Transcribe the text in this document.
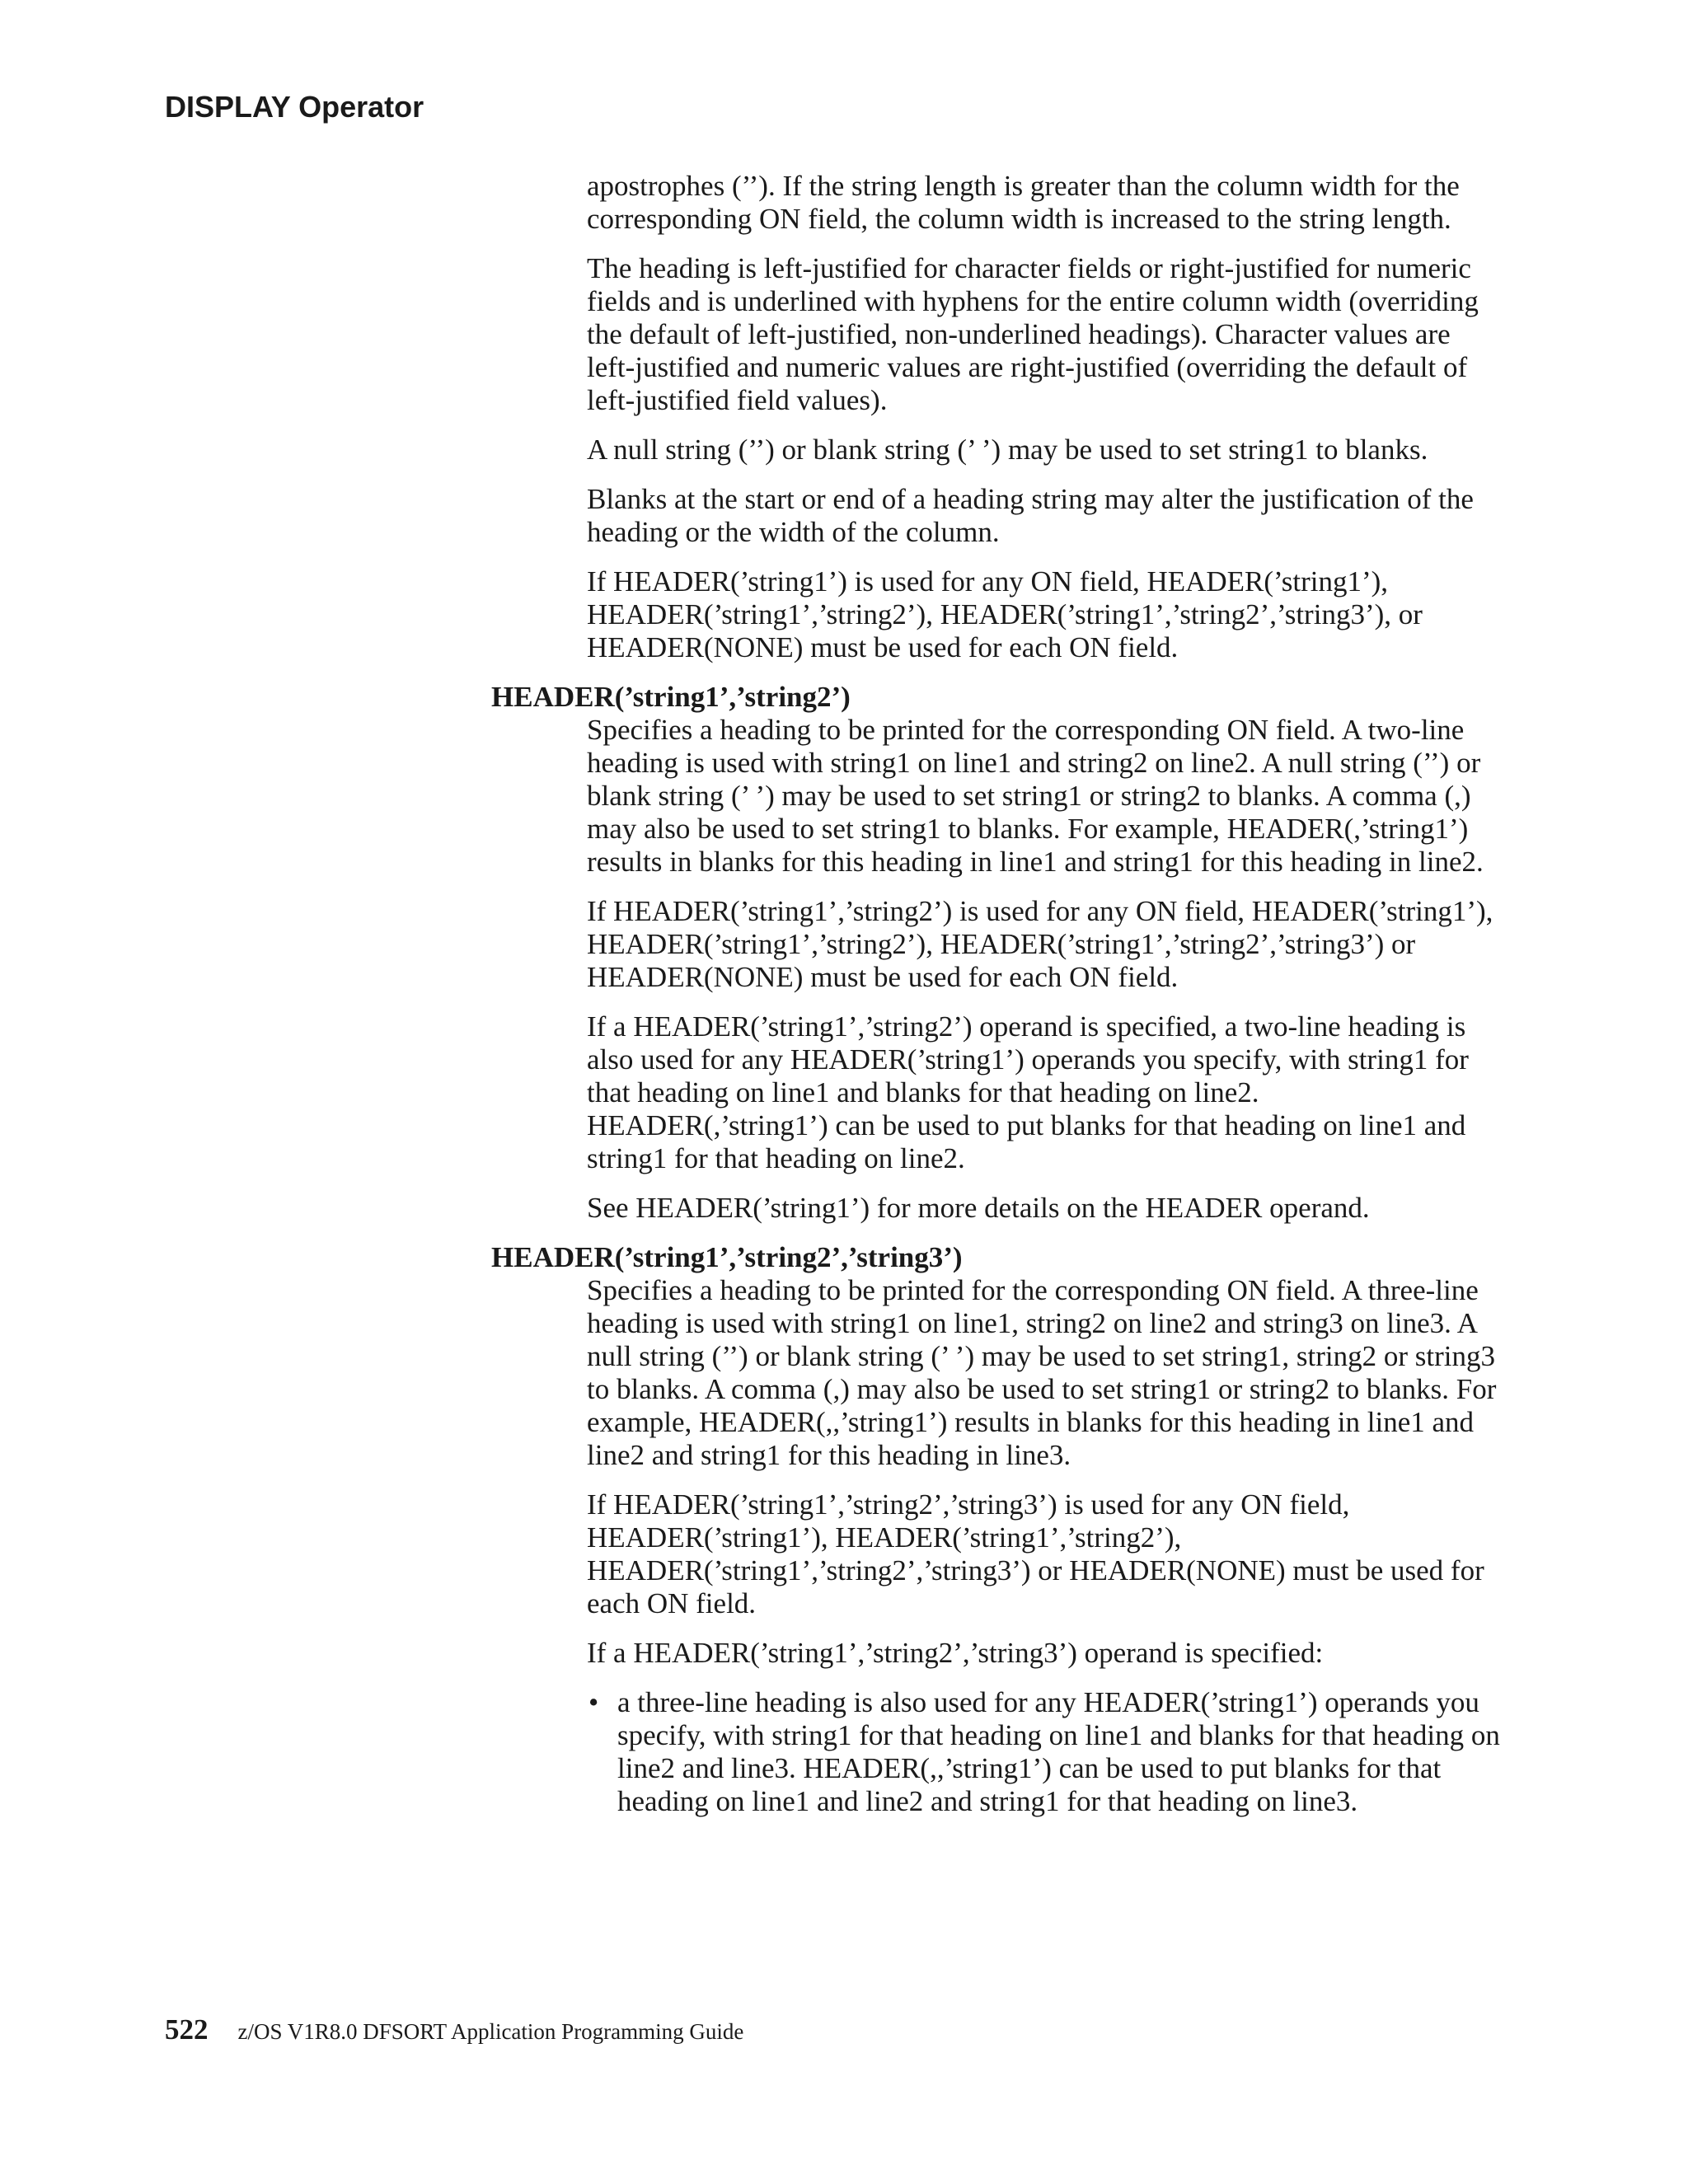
DISPLAY Operator

apostrophes (’’). If the string length is greater than the column width for the corresponding ON field, the column width is increased to the string length.

The heading is left-justified for character fields or right-justified for numeric fields and is underlined with hyphens for the entire column width (overriding the default of left-justified, non-underlined headings). Character values are left-justified and numeric values are right-justified (overriding the default of left-justified field values).

A null string (’’) or blank string (’ ’) may be used to set string1 to blanks.

Blanks at the start or end of a heading string may alter the justification of the heading or the width of the column.

If HEADER(’string1’) is used for any ON field, HEADER(’string1’), HEADER(’string1’,’string2’), HEADER(’string1’,’string2’,’string3’), or HEADER(NONE) must be used for each ON field.

HEADER(’string1’,’string2’)

Specifies a heading to be printed for the corresponding ON field. A two-line heading is used with string1 on line1 and string2 on line2. A null string (’’) or blank string (’ ’) may be used to set string1 or string2 to blanks. A comma (,) may also be used to set string1 to blanks. For example, HEADER(,’string1’) results in blanks for this heading in line1 and string1 for this heading in line2.

If HEADER(’string1’,’string2’) is used for any ON field, HEADER(’string1’), HEADER(’string1’,’string2’), HEADER(’string1’,’string2’,’string3’) or HEADER(NONE) must be used for each ON field.

If a HEADER(’string1’,’string2’) operand is specified, a two-line heading is also used for any HEADER(’string1’) operands you specify, with string1 for that heading on line1 and blanks for that heading on line2. HEADER(,’string1’) can be used to put blanks for that heading on line1 and string1 for that heading on line2.

See HEADER(’string1’) for more details on the HEADER operand.

HEADER(’string1’,’string2’,’string3’)

Specifies a heading to be printed for the corresponding ON field. A three-line heading is used with string1 on line1, string2 on line2 and string3 on line3. A null string (’’) or blank string (’ ’) may be used to set string1, string2 or string3 to blanks. A comma (,) may also be used to set string1 or string2 to blanks. For example, HEADER(,,’string1’) results in blanks for this heading in line1 and line2 and string1 for this heading in line3.

If HEADER(’string1’,’string2’,’string3’) is used for any ON field, HEADER(’string1’), HEADER(’string1’,’string2’), HEADER(’string1’,’string2’,’string3’) or HEADER(NONE) must be used for each ON field.

If a HEADER(’string1’,’string2’,’string3’) operand is specified:

• a three-line heading is also used for any HEADER(’string1’) operands you specify, with string1 for that heading on line1 and blanks for that heading on line2 and line3. HEADER(,,’string1’) can be used to put blanks for that heading on line1 and line2 and string1 for that heading on line3.
522 z/OS V1R8.0 DFSORT Application Programming Guide
